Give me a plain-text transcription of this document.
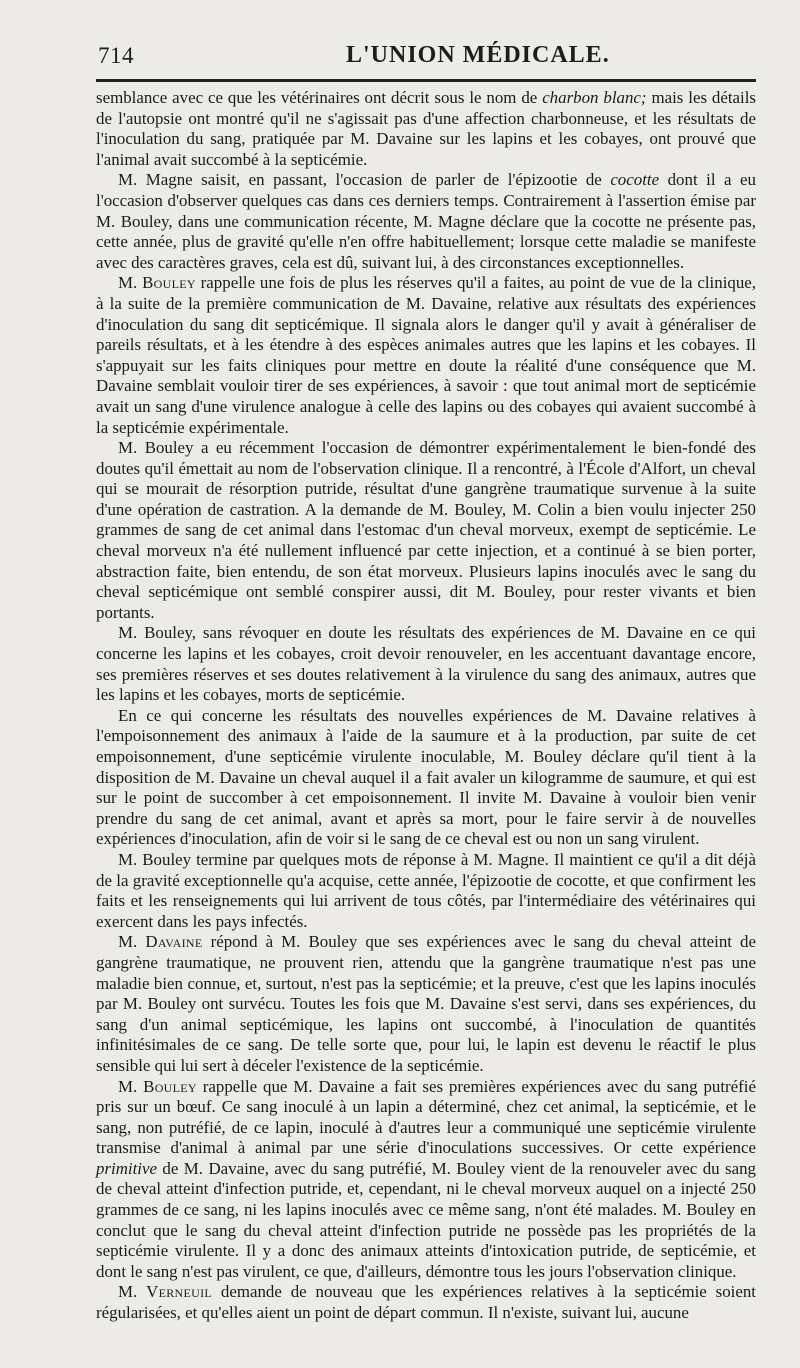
714	L'UNION MÉDICALE.

semblance avec ce que les vétérinaires ont décrit sous le nom de charbon blanc; mais les détails de l'autopsie ont montré qu'il ne s'agissait pas d'une affection charbonneuse, et les résultats de l'inoculation du sang, pratiquée par M. Davaine sur les lapins et les cobayes, ont prouvé que l'animal avait succombé à la septicémie.

M. Magne saisit, en passant, l'occasion de parler de l'épizootie de cocotte dont il a eu l'occasion d'observer quelques cas dans ces derniers temps. Contrairement à l'assertion émise par M. Bouley, dans une communication récente, M. Magne déclare que la cocotte ne présente pas, cette année, plus de gravité qu'elle n'en offre habituellement; lorsque cette maladie se manifeste avec des caractères graves, cela est dû, suivant lui, à des circonstances exceptionnelles.

M. Bouley rappelle une fois de plus les réserves qu'il a faites, au point de vue de la clinique, à la suite de la première communication de M. Davaine, relative aux résultats des expériences d'inoculation du sang dit septicémique. Il signala alors le danger qu'il y avait à généraliser de pareils résultats, et à les étendre à des espèces animales autres que les lapins et les cobayes. Il s'appuyait sur les faits cliniques pour mettre en doute la réalité d'une conséquence que M. Davaine semblait vouloir tirer de ses expériences, à savoir : que tout animal mort de septicémie avait un sang d'une virulence analogue à celle des lapins ou des cobayes qui avaient succombé à la septicémie expérimentale.

M. Bouley a eu récemment l'occasion de démontrer expérimentalement le bien-fondé des doutes qu'il émettait au nom de l'observation clinique. Il a rencontré, à l'École d'Alfort, un cheval qui se mourait de résorption putride, résultat d'une gangrène traumatique survenue à la suite d'une opération de castration. A la demande de M. Bouley, M. Colin a bien voulu injecter 250 grammes de sang de cet animal dans l'estomac d'un cheval morveux, exempt de septicémie. Le cheval morveux n'a été nullement influencé par cette injection, et a continué à se bien porter, abstraction faite, bien entendu, de son état morveux. Plusieurs lapins inoculés avec le sang du cheval septicémique ont semblé conspirer aussi, dit M. Bouley, pour rester vivants et bien portants.

M. Bouley, sans révoquer en doute les résultats des expériences de M. Davaine en ce qui concerne les lapins et les cobayes, croit devoir renouveler, en les accentuant davantage encore, ses premières réserves et ses doutes relativement à la virulence du sang des animaux, autres que les lapins et les cobayes, morts de septicémie.

En ce qui concerne les résultats des nouvelles expériences de M. Davaine relatives à l'empoisonnement des animaux à l'aide de la saumure et à la production, par suite de cet empoisonnement, d'une septicémie virulente inoculable, M. Bouley déclare qu'il tient à la disposition de M. Davaine un cheval auquel il a fait avaler un kilogramme de saumure, et qui est sur le point de succomber à cet empoisonnement. Il invite M. Davaine à vouloir bien venir prendre du sang de cet animal, avant et après sa mort, pour le faire servir à de nouvelles expériences d'inoculation, afin de voir si le sang de ce cheval est ou non un sang virulent.

M. Bouley termine par quelques mots de réponse à M. Magne. Il maintient ce qu'il a dit déjà de la gravité exceptionnelle qu'a acquise, cette année, l'épizootie de cocotte, et que confirment les faits et les renseignements qui lui arrivent de tous côtés, par l'intermédiaire des vétérinaires qui exercent dans les pays infectés.

M. Davaine répond à M. Bouley que ses expériences avec le sang du cheval atteint de gangrène traumatique, ne prouvent rien, attendu que la gangrène traumatique n'est pas une maladie bien connue, et, surtout, n'est pas la septicémie; et la preuve, c'est que les lapins inoculés par M. Bouley ont survécu. Toutes les fois que M. Davaine s'est servi, dans ses expériences, du sang d'un animal septicémique, les lapins ont succombé, à l'inoculation de quantités infinitésimales de ce sang. De telle sorte que, pour lui, le lapin est devenu le réactif le plus sensible qui lui sert à déceler l'existence de la septicémie.

M. Bouley rappelle que M. Davaine a fait ses premières expériences avec du sang putréfié pris sur un bœuf. Ce sang inoculé à un lapin a déterminé, chez cet animal, la septicémie, et le sang, non putréfié, de ce lapin, inoculé à d'autres leur a communiqué une septicémie virulente transmise d'animal à animal par une série d'inoculations successives. Or cette expérience primitive de M. Davaine, avec du sang putréfié, M. Bouley vient de la renouveler avec du sang de cheval atteint d'infection putride, et, cependant, ni le cheval morveux auquel on a injecté 250 grammes de ce sang, ni les lapins inoculés avec ce même sang, n'ont été malades. M. Bouley en conclut que le sang du cheval atteint d'infection putride ne possède pas les propriétés de la septicémie virulente. Il y a donc des animaux atteints d'intoxication putride, de septicémie, et dont le sang n'est pas virulent, ce que, d'ailleurs, démontre tous les jours l'observation clinique.

M. Verneuil demande de nouveau que les expériences relatives à la septicémie soient régularisées, et qu'elles aient un point de départ commun. Il n'existe, suivant lui, aucune
